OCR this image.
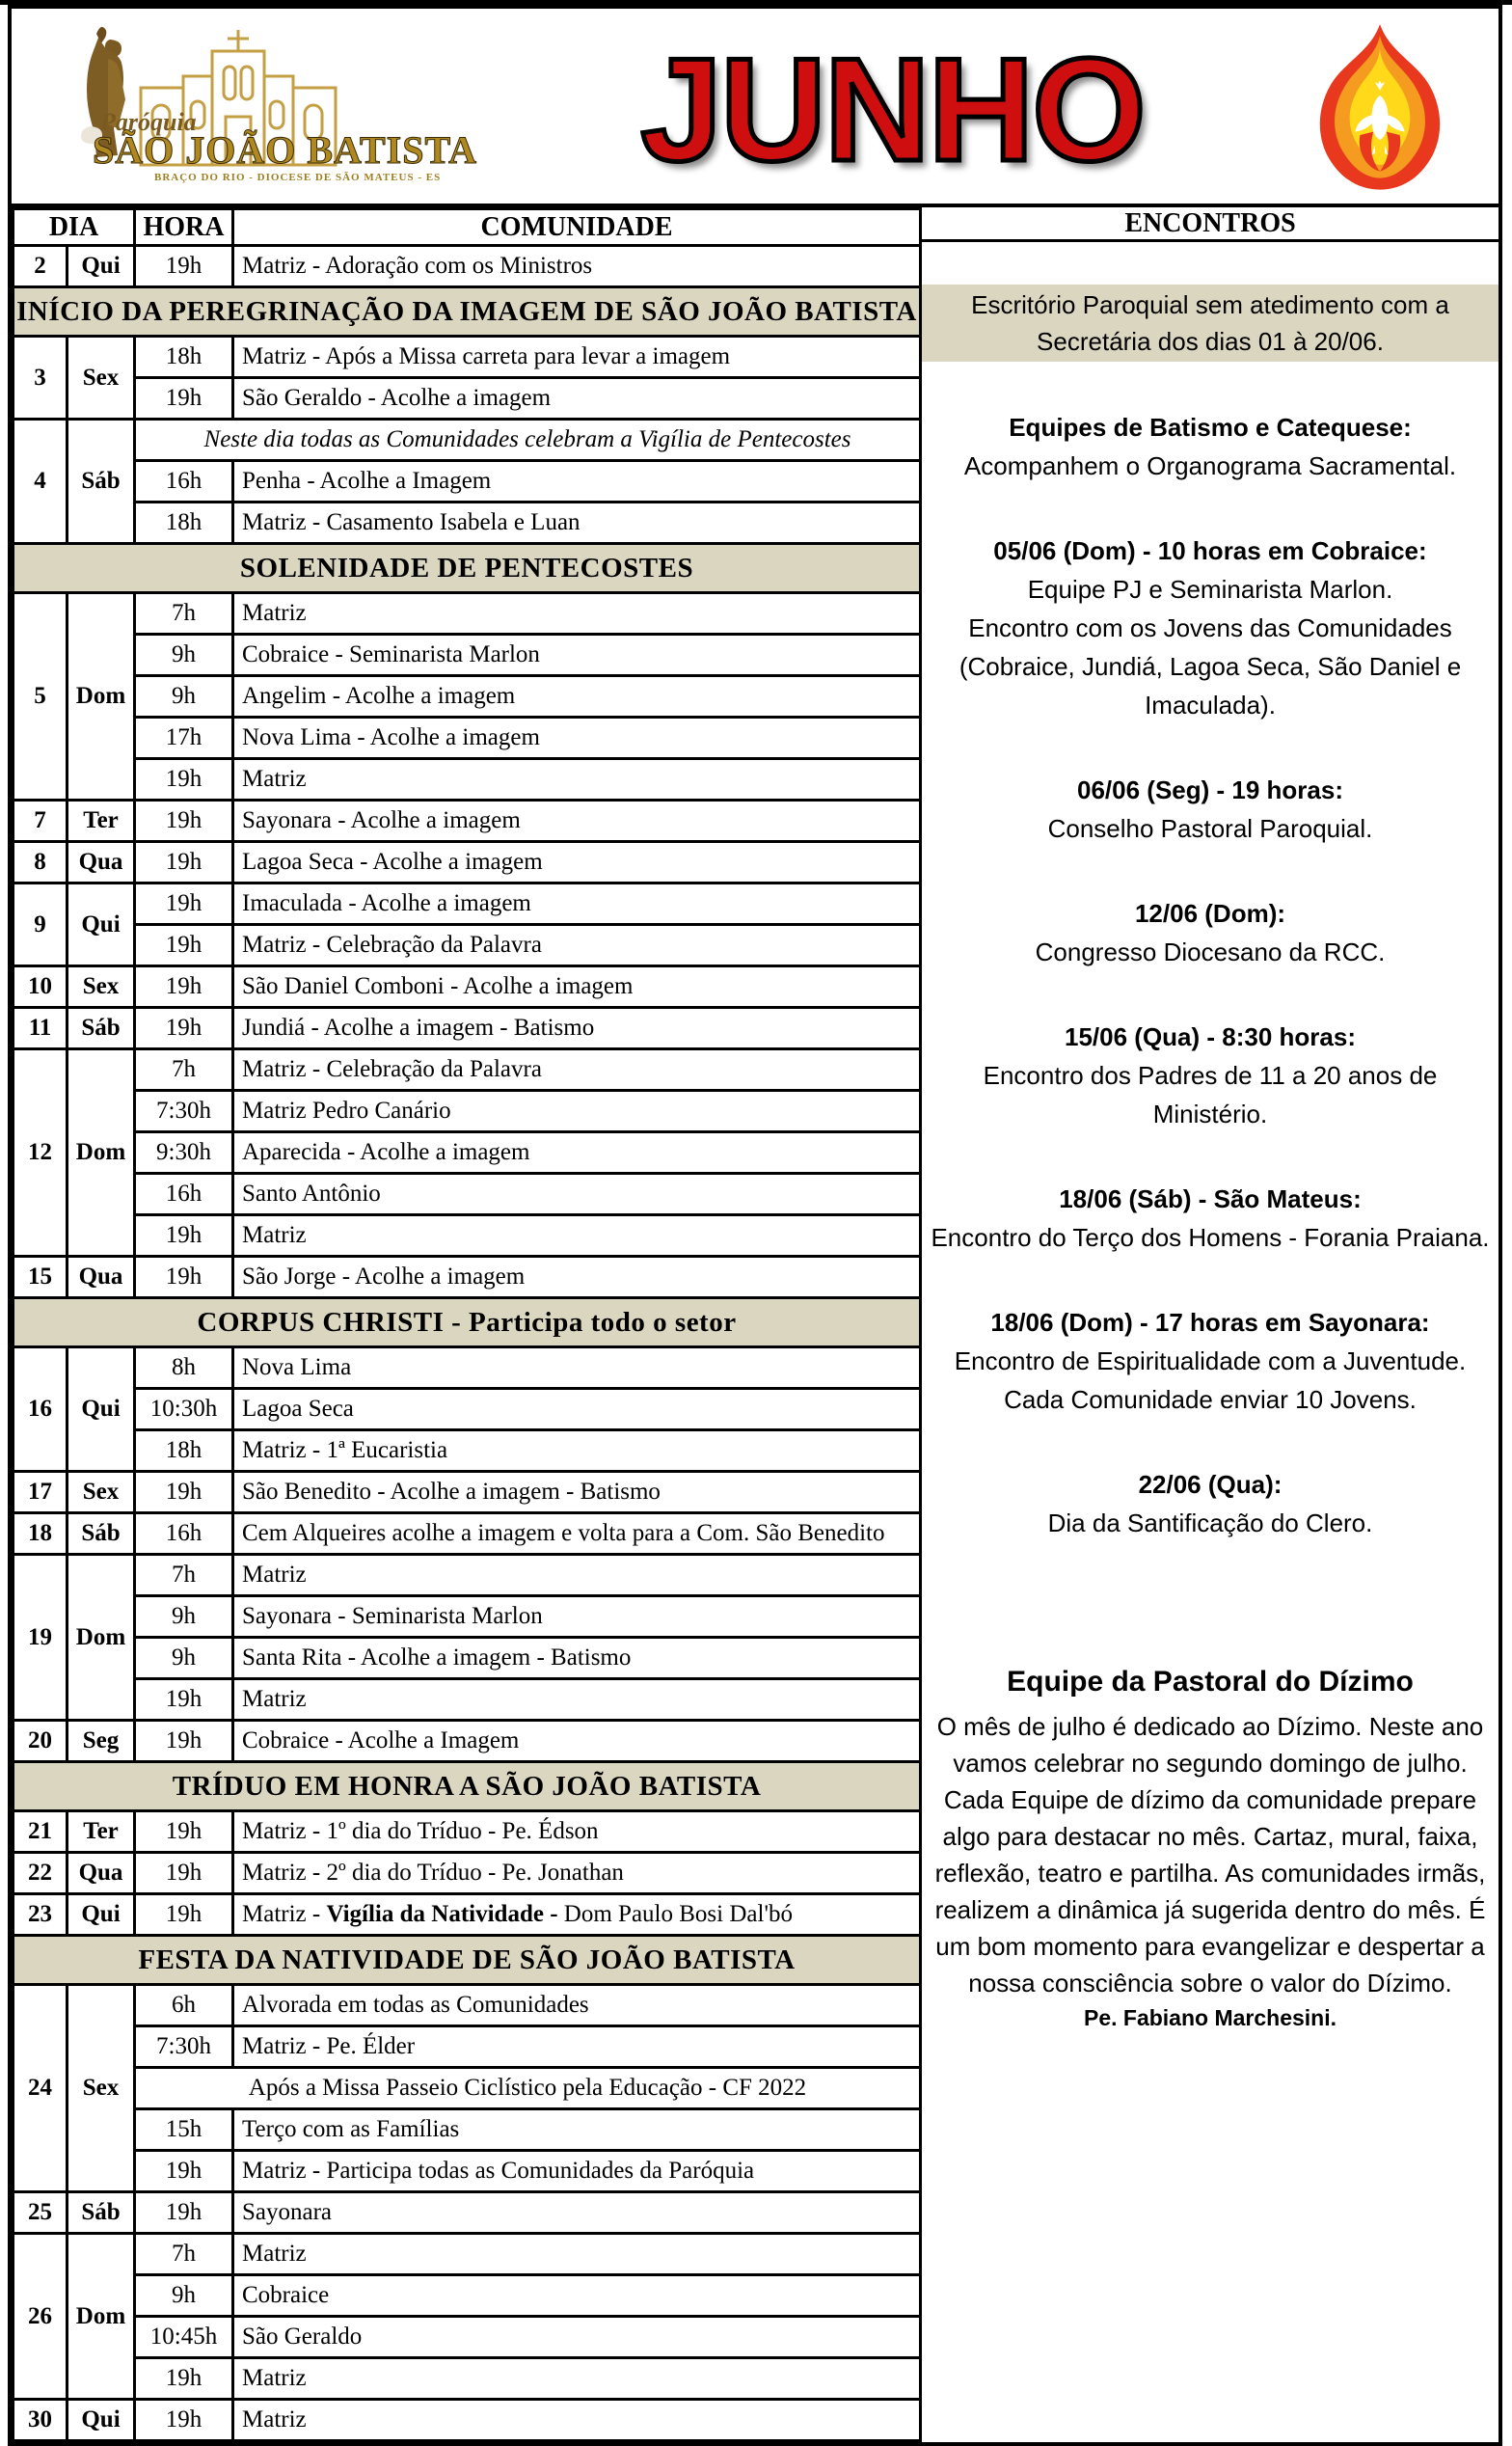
Paróquia
SÃO JOÃO BATISTA
BRAÇO DO RIO - DIOCESE DE SÃO MATEUS - ES JUNHO
DIA		HORA	COMUNIDADE
2	Qui	19h	Matriz - Adoração com os Ministros
INÍCIO DA PEREGRINAÇÃO DA IMAGEM DE SÃO JOÃO BATISTA			
3	Sex	18h	Matriz - Após a Missa carreta para levar a imagem
		19h	São Geraldo - Acolhe a imagem
4	Sáb	Neste dia todas as Comunidades celebram a Vigília de Pentecostes	
		16h	Penha - Acolhe a Imagem
		18h	Matriz - Casamento Isabela e Luan
SOLENIDADE DE PENTECOSTES			
5	Dom	7h	Matriz
		9h	Cobraice - Seminarista Marlon
		9h	Angelim - Acolhe a imagem
		17h	Nova Lima - Acolhe a imagem
		19h	Matriz
7	Ter	19h	Sayonara - Acolhe a imagem
8	Qua	19h	Lagoa Seca - Acolhe a imagem
9	Qui	19h	Imaculada - Acolhe a imagem
		19h	Matriz - Celebração da Palavra
10	Sex	19h	São Daniel Comboni - Acolhe a imagem
11	Sáb	19h	Jundiá - Acolhe a imagem - Batismo
12	Dom	7h	Matriz - Celebração da Palavra
		7:30h	Matriz Pedro Canário
		9:30h	Aparecida - Acolhe a imagem
		16h	Santo Antônio
		19h	Matriz
15	Qua	19h	São Jorge - Acolhe a imagem
CORPUS CHRISTI - Participa todo o setor			
16	Qui	8h	Nova Lima
		10:30h	Lagoa Seca
		18h	Matriz - 1ª Eucaristia
17	Sex	19h	São Benedito - Acolhe a imagem - Batismo
18	Sáb	16h	Cem Alqueires acolhe a imagem e volta para a Com. São Benedito
19	Dom	7h	Matriz
		9h	Sayonara - Seminarista Marlon
		9h	Santa Rita - Acolhe a imagem - Batismo
		19h	Matriz
20	Seg	19h	Cobraice - Acolhe a Imagem
TRÍDUO EM HONRA A SÃO JOÃO BATISTA			
21	Ter	19h	Matriz - 1º dia do Tríduo - Pe. Édson
22	Qua	19h	Matriz - 2º dia do Tríduo - Pe. Jonathan
23	Qui	19h	Matriz - Vigília da Natividade - Dom Paulo Bosi Dal'bó
FESTA DA NATIVIDADE DE SÃO JOÃO BATISTA			
24	Sex	6h	Alvorada em todas as Comunidades
		7:30h	Matriz - Pe. Élder
		Após a Missa Passeio Ciclístico pela Educação - CF 2022	
		15h	Terço com as Famílias
		19h	Matriz - Participa todas as Comunidades da Paróquia
25	Sáb	19h	Sayonara
26	Dom	7h	Matriz
		9h	Cobraice
		10:45h	São Geraldo
		19h	Matriz
30	Qui	19h	Matriz
ENCONTROS
Escritório Paroquial sem atedimento com a Secretária dos dias 01 à 20/06.
Equipes de Batismo e Catequese:
Acompanhem o Organograma Sacramental.
05/06 (Dom) - 10 horas em Cobraice:
Equipe PJ e Seminarista Marlon.
Encontro com os Jovens das Comunidades
(Cobraice, Jundiá, Lagoa Seca, São Daniel e Imaculada).
06/06 (Seg) - 19 horas:
Conselho Pastoral Paroquial.
12/06 (Dom):
Congresso Diocesano da RCC.
15/06 (Qua) - 8:30 horas:
Encontro dos Padres de 11 a 20 anos de Ministério.
18/06 (Sáb) - São Mateus:
Encontro do Terço dos Homens - Forania Praiana.
18/06 (Dom) - 17 horas em Sayonara:
Encontro de Espiritualidade com a Juventude.
Cada Comunidade enviar 10 Jovens.
22/06 (Qua):
Dia da Santificação do Clero.
Equipe da Pastoral do Dízimo
O mês de julho é dedicado ao Dízimo. Neste ano vamos celebrar no segundo domingo de julho. Cada Equipe de dízimo da comunidade prepare algo para destacar no mês. Cartaz, mural, faixa, reflexão, teatro e partilha. As comunidades irmãs, realizem a dinâmica já sugerida dentro do mês. É um bom momento para evangelizar e despertar a nossa consciência sobre o valor do Dízimo.
Pe. Fabiano Marchesini.
